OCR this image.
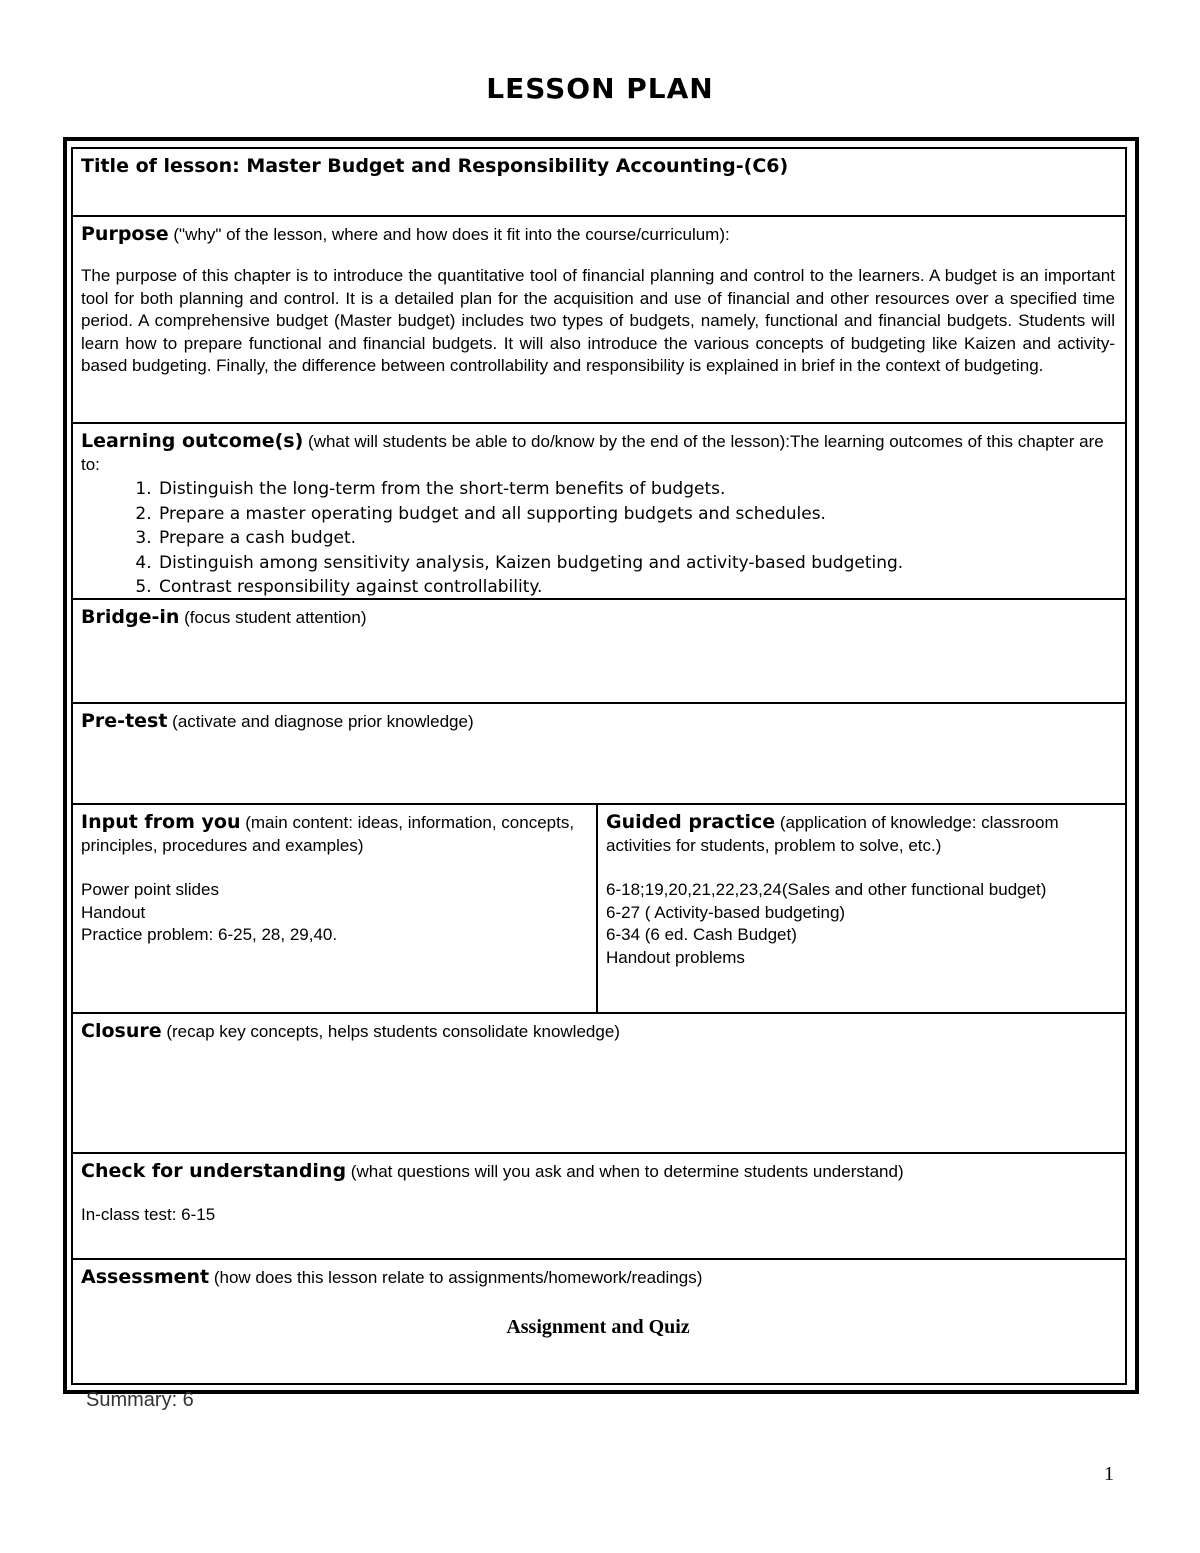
LESSON PLAN
Title of lesson: Master Budget and Responsibility Accounting-(C6)
Purpose ("why" of the lesson, where and how does it fit into the course/curriculum):
The purpose of this chapter is to introduce the quantitative tool of financial planning and control to the learners. A budget is an important tool for both planning and control. It is a detailed plan for the acquisition and use of financial and other resources over a specified time period. A comprehensive budget (Master budget) includes two types of budgets, namely, functional and financial budgets. Students will learn how to prepare functional and financial budgets. It will also introduce the various concepts of budgeting like Kaizen and activity-based budgeting. Finally, the difference between controllability and responsibility is explained in brief in the context of budgeting.
Learning outcome(s) (what will students be able to do/know by the end of the lesson):The learning outcomes of this chapter are to:
1. Distinguish the long-term from the short-term benefits of budgets.
2. Prepare a master operating budget and all supporting budgets and schedules.
3. Prepare a cash budget.
4. Distinguish among sensitivity analysis, Kaizen budgeting and activity-based budgeting.
5. Contrast responsibility against controllability.
Bridge-in (focus student attention)
Pre-test (activate and diagnose prior knowledge)
Input from you (main content: ideas, information, concepts, principles, procedures and examples)
Power point slides
Handout
Practice problem: 6-25, 28, 29,40.
Guided practice (application of knowledge: classroom activities for students, problem to solve, etc.)
6-18;19,20,21,22,23,24(Sales and other functional budget)
6-27 ( Activity-based budgeting)
6-34 (6 ed. Cash Budget)
Handout problems
Closure (recap key concepts, helps students consolidate knowledge)
Check for understanding (what questions will you ask and when to determine students understand)
In-class test: 6-15
Assessment (how does this lesson relate to assignments/homework/readings)
Assignment and Quiz
Summary: 6
1
